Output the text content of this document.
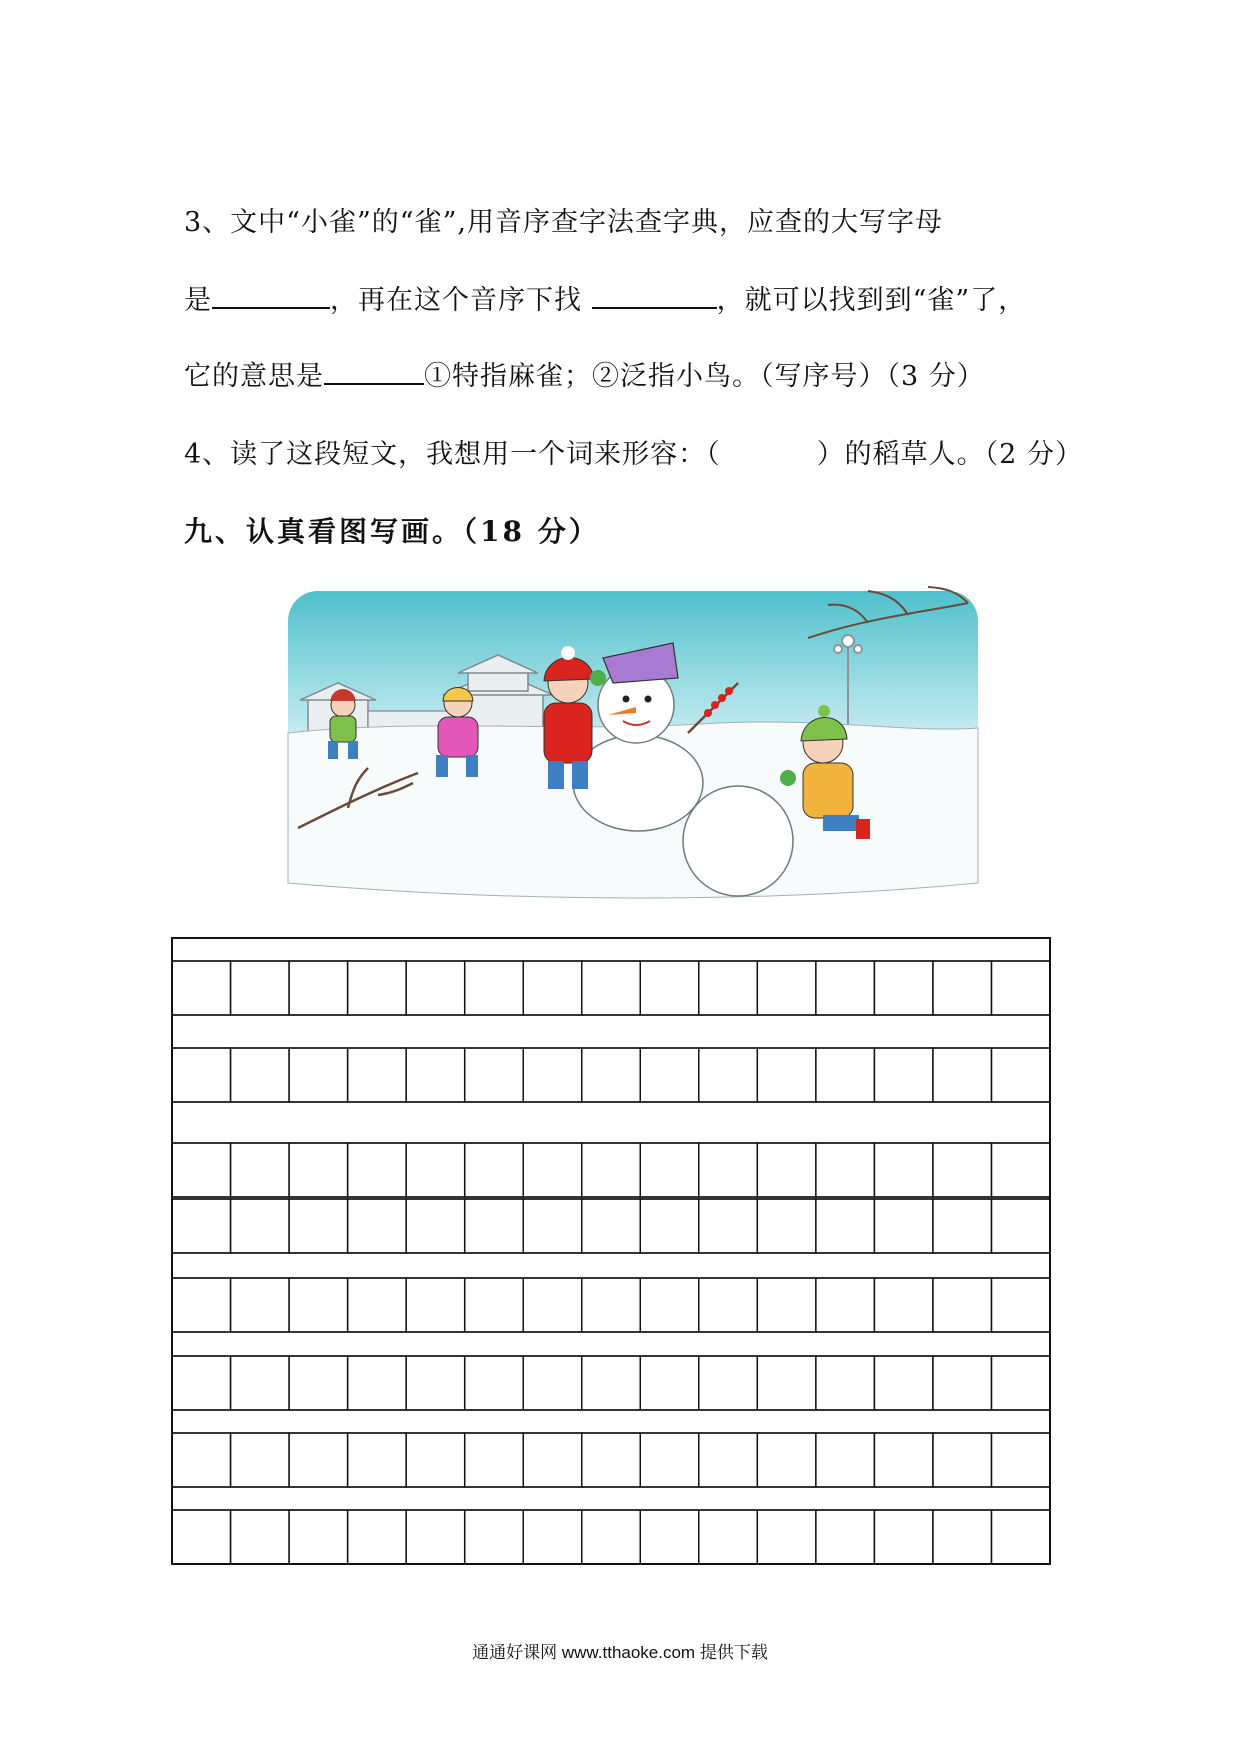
3、文中“小雀”的“雀”,用音序查字法查字典，应查的大写字母
是	，再在这个音序下找	，就可以找到到“雀”了，
它的意思是	①特指麻雀；②泛指小鸟。（写序号）（3 分）
4、读了这段短文，我想用一个词来形容：（	）的稻草人。（2 分）
九、认真看图写画。（18 分）
通通好课网 www.tthaoke.com 提供下载
